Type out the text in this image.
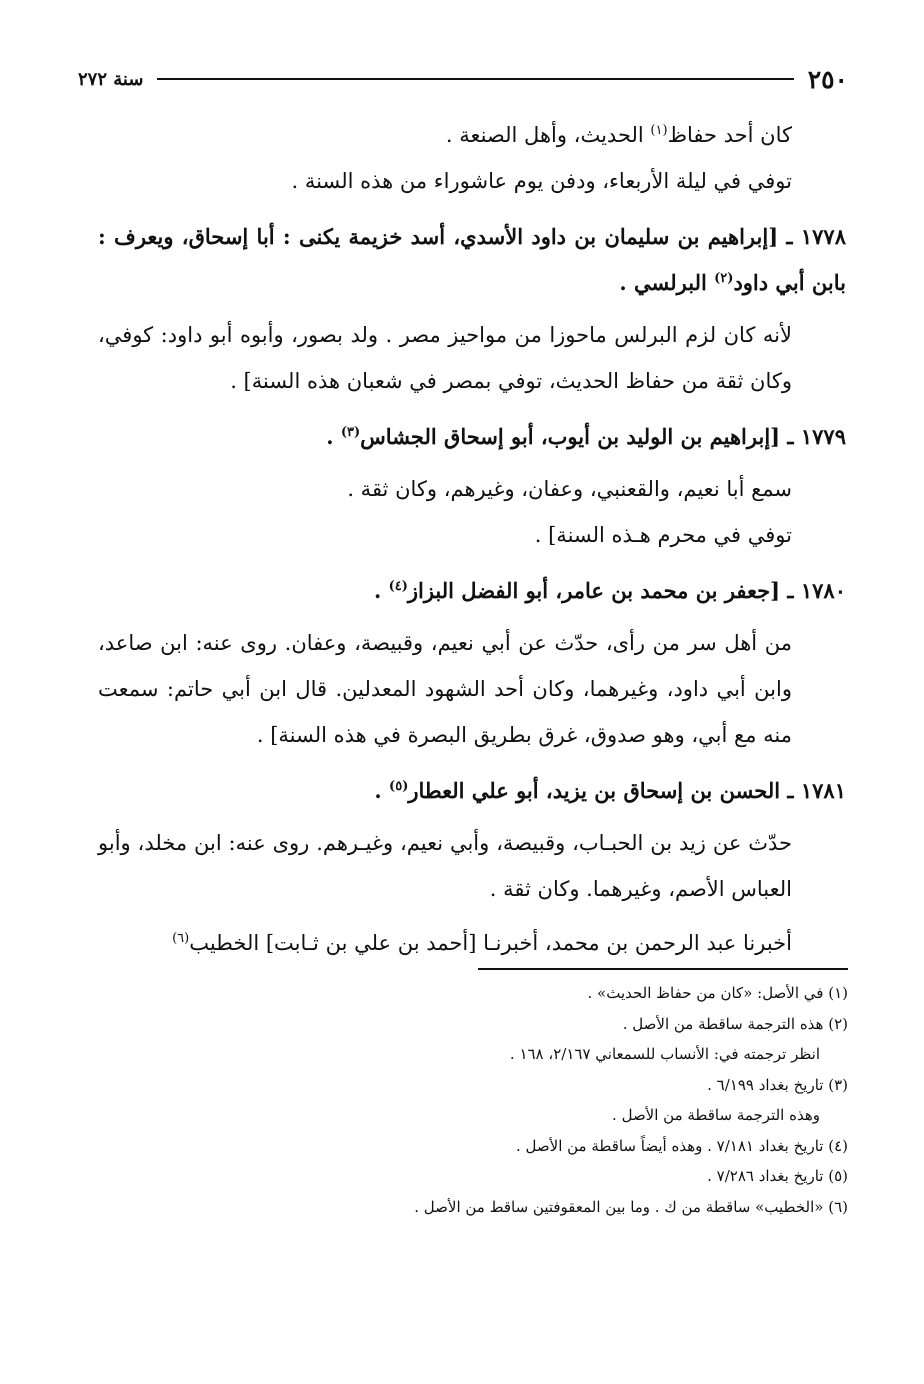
٢٥٠
سنة ٢٧٢

كان أحد حفاظ$^{(١)}$ الحديث، وأهل الصنعة .

توفي في ليلة الأربعاء، ودفن يوم عاشوراء من هذه السنة .

١٧٧٨ ـ [إبراهيم بن سليمان بن داود الأسدي، أسد خزيمة يكنى : أبا إسحاق، ويعرف : بابن أبي داود$^{(٢)}$ البرلسي .

لأنه كان لزم البرلس ماحوزا من مواحيز مصر . ولد بصور، وأبوه أبو داود: كوفي، وكان ثقة من حفاظ الحديث، توفي بمصر في شعبان هذه السنة] .

١٧٧٩ ـ [إبراهيم بن الوليد بن أيوب، أبو إسحاق الجشاس$^{(٣)}$ .

سمع أبا نعيم، والقعنبي، وعفان، وغيرهم، وكان ثقة .

توفي في محرم هـذه السنة] .

١٧٨٠ ـ [جعفر بن محمد بن عامر، أبو الفضل البزاز$^{(٤)}$ .

من أهل سر من رأى، حدّث عن أبي نعيم، وقبيصة، وعفان. روى عنه: ابن صاعد، وابن أبي داود، وغيرهما، وكان أحد الشهود المعدلين. قال ابن أبي حاتم: سمعت منه مع أبي، وهو صدوق، غرق بطريق البصرة في هذه السنة] .

١٧٨١ ـ الحسن بن إسحاق بن يزيد، أبو علي العطار$^{(٥)}$ .

حدّث عن زيد بن الحبـاب، وقبيصة، وأبي نعيم، وغيـرهم. روى عنه: ابن مخلد، وأبو العباس الأصم، وغيرهما. وكان ثقة .

أخبرنا عبد الرحمن بن محمد، أخبرنـا [أحمد بن علي بن ثـابت] الخطيب$^{(٦)}$

(١) في الأصل: «كان من حفاظ الحديث» .

(٢) هذه الترجمة ساقطة من الأصل .

انظر ترجمته في: الأنساب للسمعاني ٢/١٦٧، ١٦٨ .

(٣) تاريخ بغداد ٦/١٩٩ .

وهذه الترجمة ساقطة من الأصل .

(٤) تاريخ بغداد ٧/١٨١ . وهذه أيضاً ساقطة من الأصل .

(٥) تاريخ بغداد ٧/٢٨٦ .

(٦) «الخطيب» ساقطة من ك . وما بين المعقوفتين ساقط من الأصل .
